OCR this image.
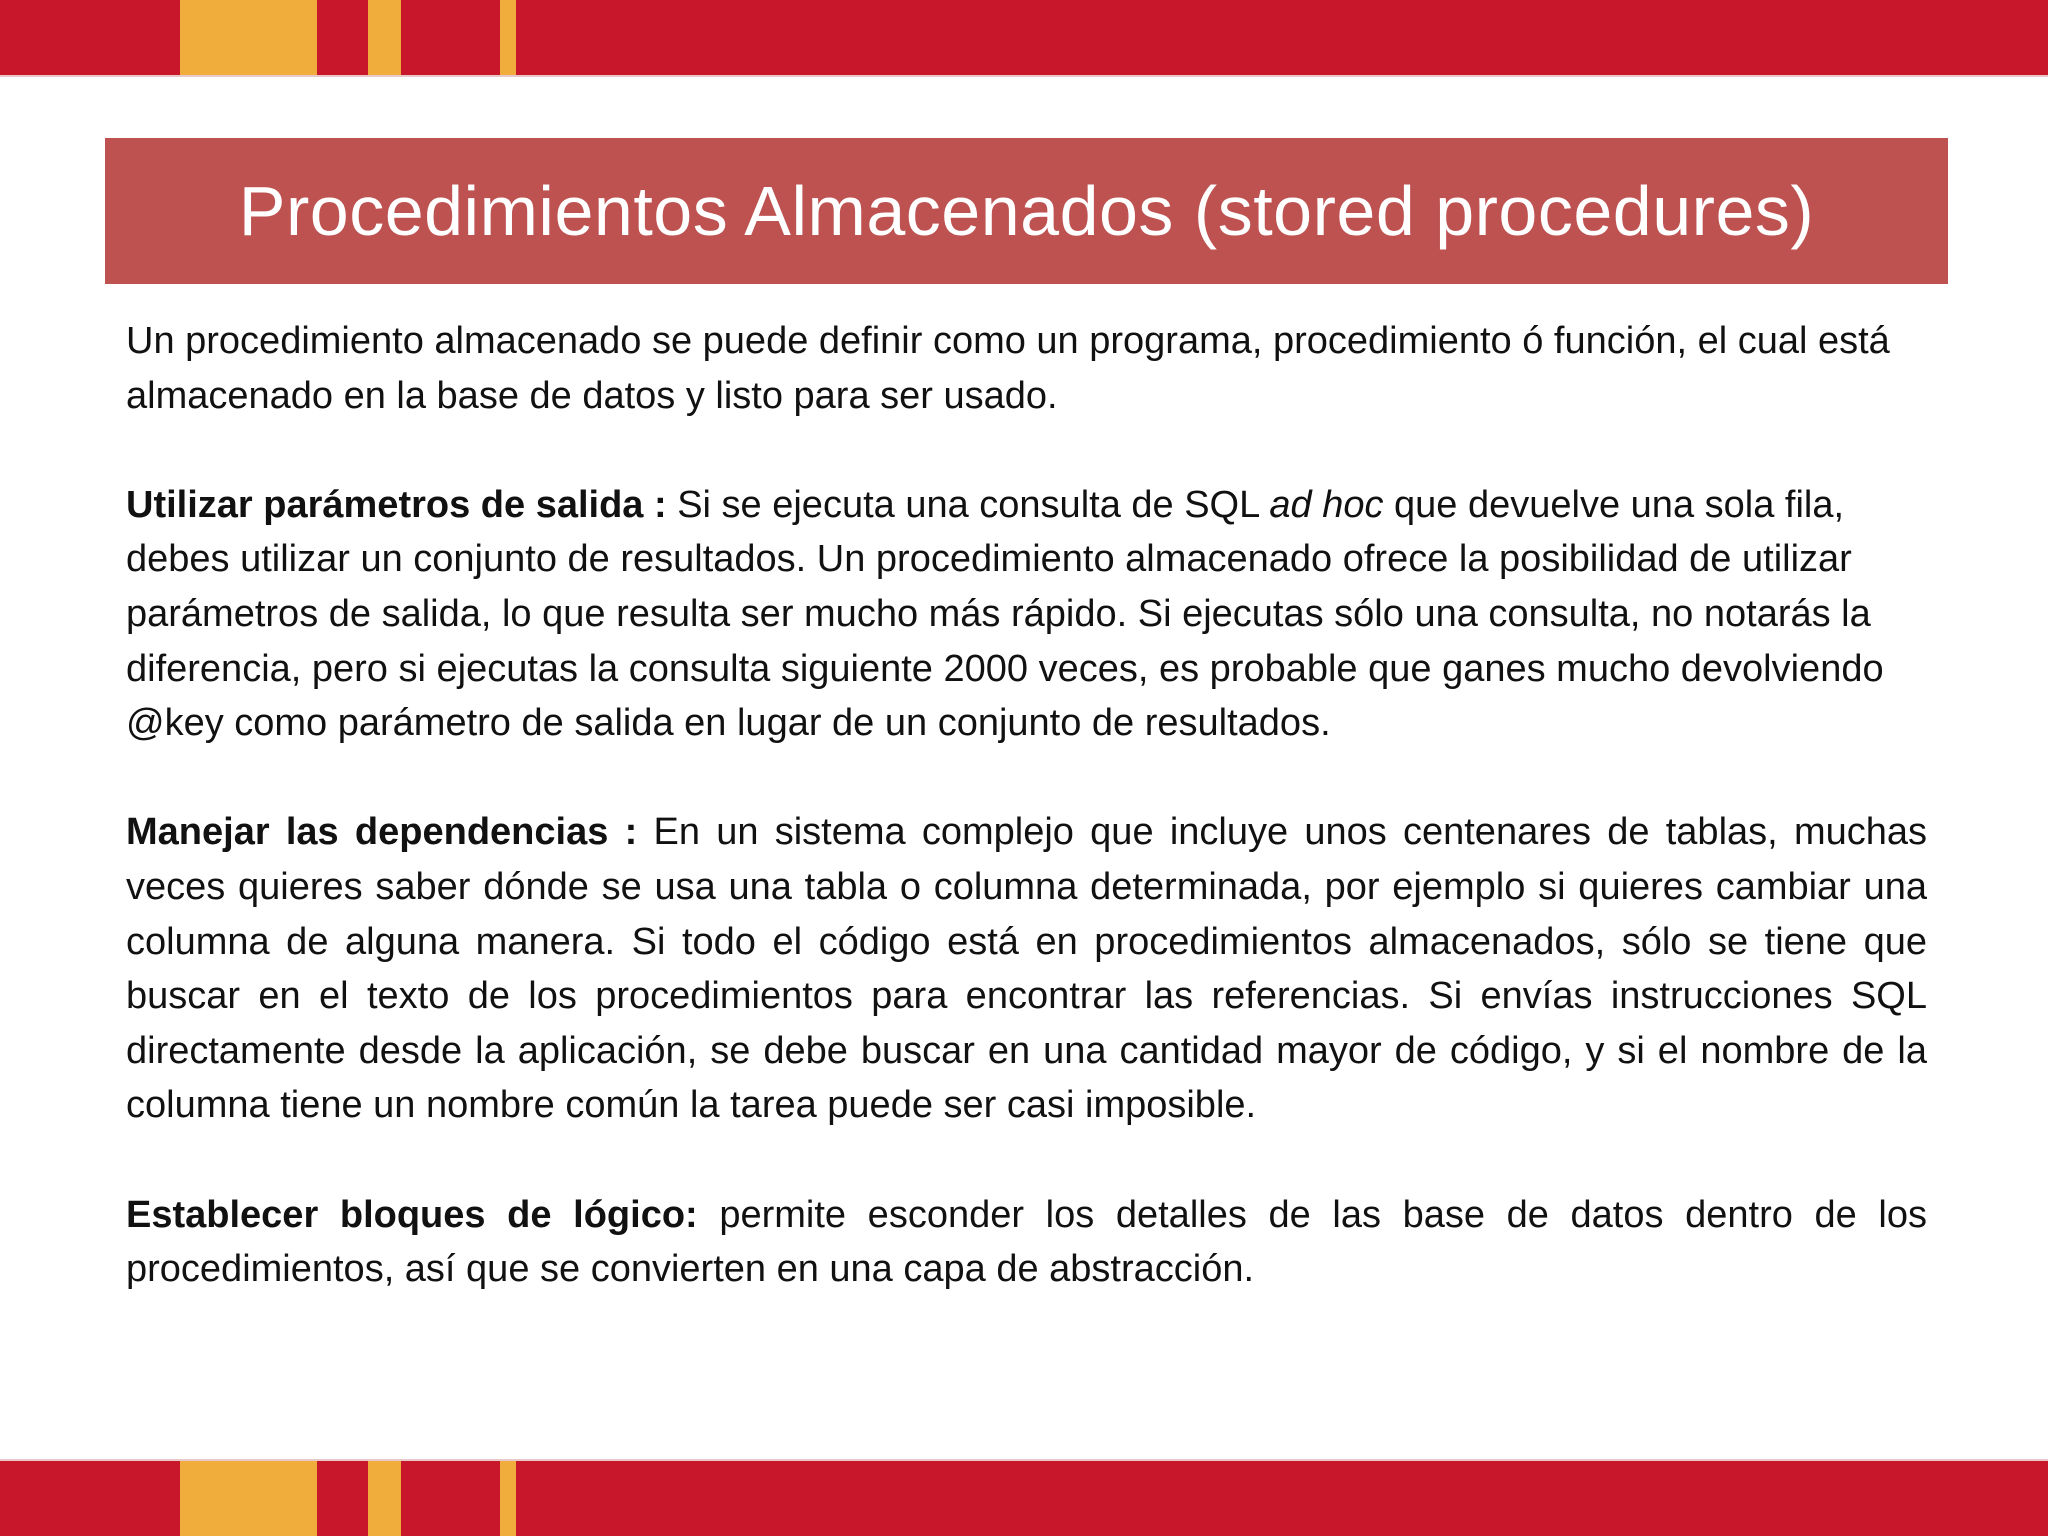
Procedimientos Almacenados (stored procedures)

Un procedimiento almacenado se puede definir como un programa, procedimiento ó función, el cual está almacenado en la base de datos y listo para ser usado.

Utilizar parámetros de salida : Si se ejecuta una consulta de SQL ad hoc que devuelve una sola fila, debes utilizar un conjunto de resultados. Un procedimiento almacenado ofrece la posibilidad de utilizar parámetros de salida, lo que resulta ser mucho más rápido. Si ejecutas sólo una consulta, no notarás la diferencia, pero si ejecutas la consulta siguiente 2000 veces, es probable que ganes mucho devolviendo @key como parámetro de salida en lugar de un conjunto de resultados.

Manejar las dependencias : En un sistema complejo que incluye unos centenares de tablas, muchas veces quieres saber dónde se usa una tabla o columna determinada, por ejemplo si quieres cambiar una columna de alguna manera. Si todo el código está en procedimientos almacenados, sólo se tiene que buscar en el texto de los procedimientos para encontrar las referencias. Si envías instrucciones SQL directamente desde la aplicación, se debe buscar en una cantidad mayor de código, y si el nombre de la columna tiene un nombre común la tarea puede ser casi imposible.

Establecer bloques de lógico: permite esconder los detalles de las base de datos dentro de los procedimientos, así que se convierten en una capa de abstracción.
